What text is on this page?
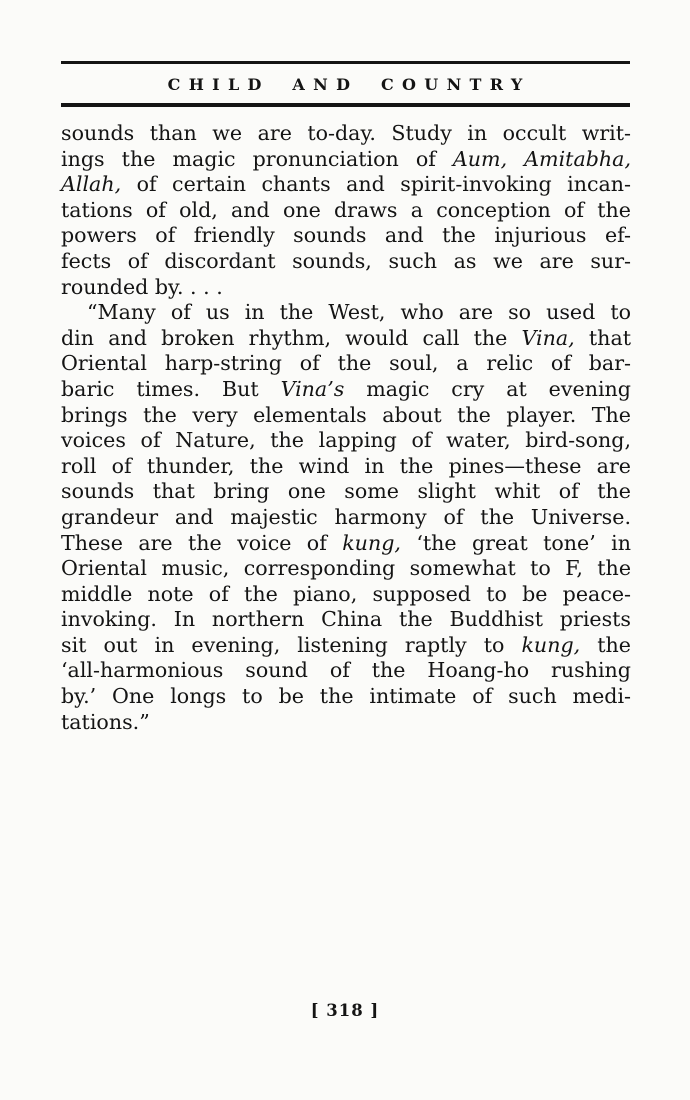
CHILD AND COUNTRY
sounds than we are to-day. Study in occult writ-
ings the magic pronunciation of Aum, Amitabha,
Allah, of certain chants and spirit-invoking incan-
tations of old, and one draws a conception of the
powers of friendly sounds and the injurious ef-
fects of discordant sounds, such as we are sur-
rounded by. . . .
“Many of us in the West, who are so used to
din and broken rhythm, would call the Vina, that
Oriental harp-string of the soul, a relic of bar-
baric times. But Vina’s magic cry at evening
brings the very elementals about the player. The
voices of Nature, the lapping of water, bird-song,
roll of thunder, the wind in the pines—these are
sounds that bring one some slight whit of the
grandeur and majestic harmony of the Universe.
These are the voice of kung, ‘the great tone’ in
Oriental music, corresponding somewhat to F, the
middle note of the piano, supposed to be peace-
invoking. In northern China the Buddhist priests
sit out in evening, listening raptly to kung, the
‘all-harmonious sound of the Hoang-ho rushing
by.’ One longs to be the intimate of such medi-
tations.”
[ 318 ]
